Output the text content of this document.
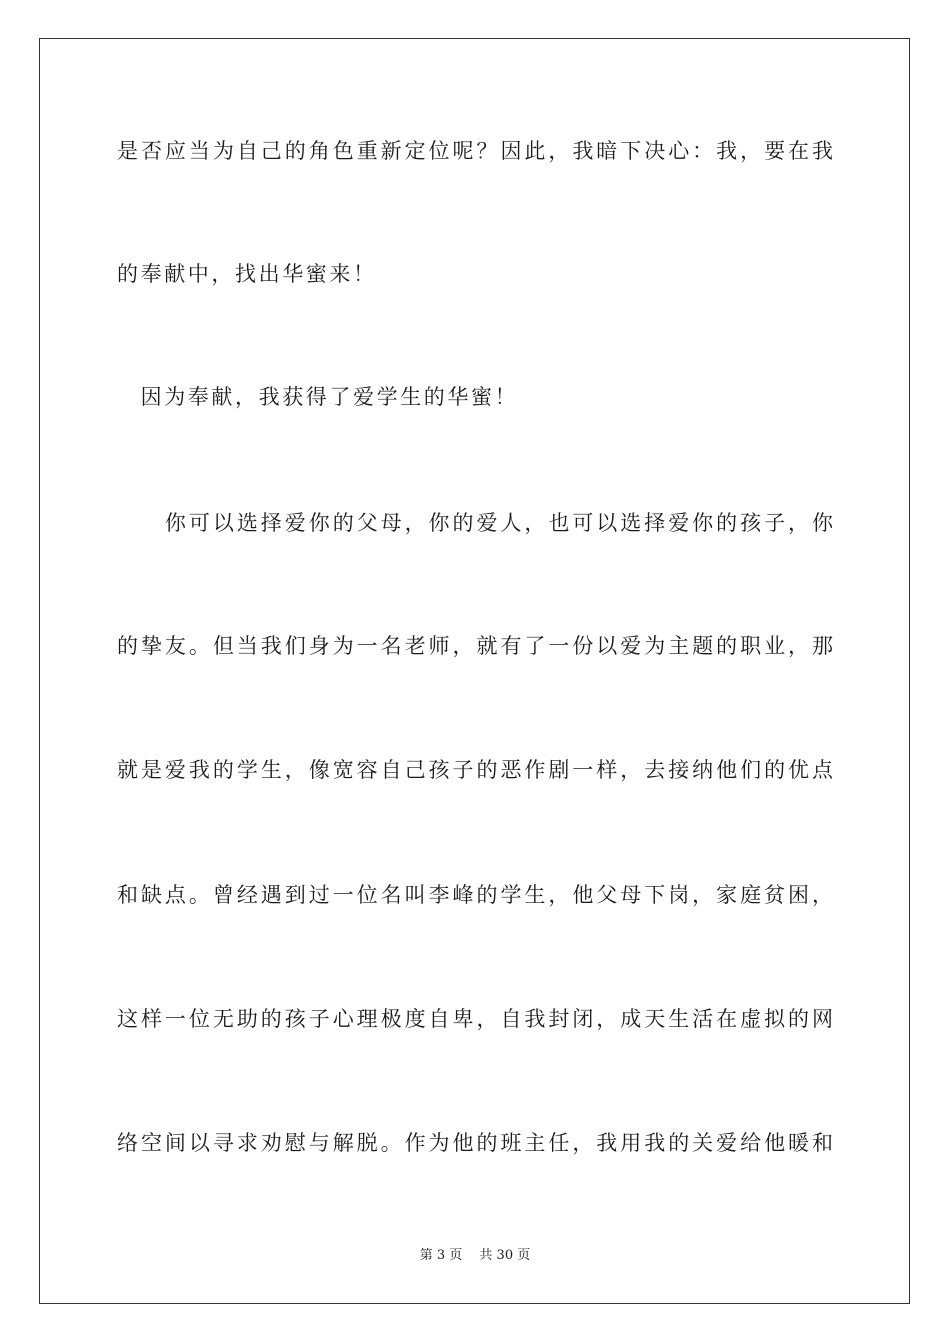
是否应当为自己的角色重新定位呢？因此，我暗下决心：我，要在我
的奉献中，找出华蜜来！
　因为奉献，我获得了爱学生的华蜜！
　　你可以选择爱你的父母，你的爱人，也可以选择爱你的孩子，你
的挚友。但当我们身为一名老师，就有了一份以爱为主题的职业，那
就是爱我的学生，像宽容自己孩子的恶作剧一样，去接纳他们的优点
和缺点。曾经遇到过一位名叫李峰的学生，他父母下岗，家庭贫困，
这样一位无助的孩子心理极度自卑，自我封闭，成天生活在虚拟的网
络空间以寻求劝慰与解脱。作为他的班主任，我用我的关爱给他暖和
第 3 页　 共 30 页
